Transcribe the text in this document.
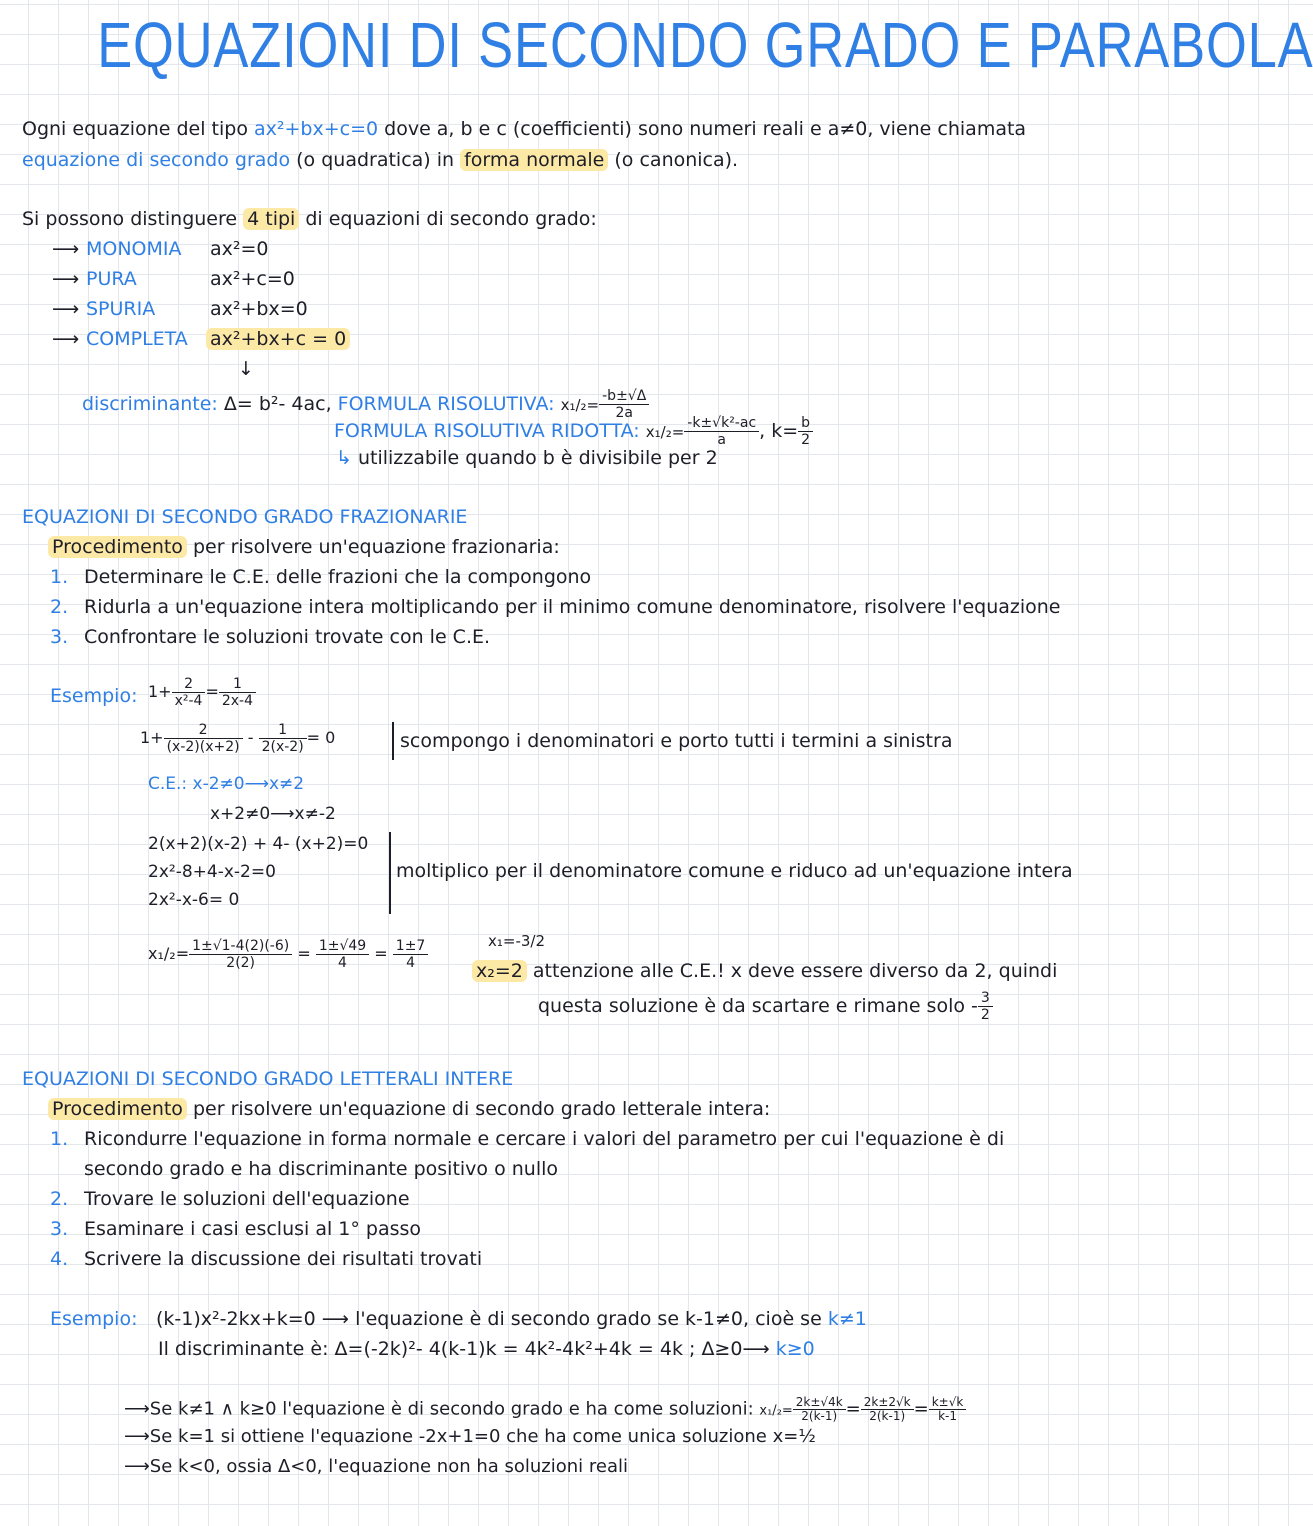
EQUAZIONI DI SECONDO GRADO E PARABOLA
Ogni equazione del tipo ax²+bx+c=0 dove a, b e c (coefficienti) sono numeri reali e a≠0, viene chiamata
equazione di secondo grado (o quadratica) in forma normale (o canonica).
Si possono distinguere 4 tipi di equazioni di secondo grado:
⟶ MONOMIA ax²=0
⟶ PURA	ax²+c=0
⟶ SPURIA	ax²+bx=0
⟶ COMPLETA ax²+bx+c = 0
↓
discriminante: Δ= b²- 4ac, FORMULA RISOLUTIVA: $x_1/_2= \frac{-b\pm√\Delta}{2a}$
FORMULA RISOLUTIVA RIDOTTA: $x_1/_2= \frac{\text{-k±√k²-ac}}{a}$ , $k= \frac{b}{2}$
↳ utilizzabile quando b è divisibile per 2
EQUAZIONI DI SECONDO GRADO FRAZIONARIE
Procedimento per risolvere un'equazione frazionaria:
1. Determinare le C.E. delle frazioni che la compongono
2. Ridurla a un'equazione intera moltiplicando per il minimo comune denominatore, risolvere l'equazione
3. Confrontare le soluzioni trovate con le C.E.
Esempio: $1+ \frac{2}{\text{x²-4}} = \frac{1}{2x-4}$
$1+ \frac{2}{(x-2)(x+2)} - \frac{1}{2(x-2)} = 0$	scompongo i denominatori e porto tutti i termini a sinistra
C.E.: x-2≠0⟶x≠2
x+2≠0⟶x≠-2
2(x+2)(x-2) + 4- (x+2)=0
2x²-8+4-x-2=0
2x²-x-6= 0
moltiplico per il denominatore comune e riduco ad un'equazione intera
$x_1/_2= \frac{1\pm√1-4(2)(-6)}{2(2)} = \frac{1\pm√49}{4} = \frac{1\pm 7}{4}$	x₁=-3/2
x₂=2 attenzione alle C.E.! x deve essere diverso da 2, quindi
questa soluzione è da scartare e rimane solo - $\frac{3}{2}$
EQUAZIONI DI SECONDO GRADO LETTERALI INTERE
Procedimento per risolvere un'equazione di secondo grado letterale intera:
1. Ricondurre l'equazione in forma normale e cercare i valori del parametro per cui l'equazione è di
secondo grado e ha discriminante positivo o nullo
2. Trovare le soluzioni dell'equazione
3. Esaminare i casi esclusi al 1° passo
4. Scrivere la discussione dei risultati trovati
Esempio: (k-1)x²-2kx+k=0 ⟶ l'equazione è di secondo grado se k-1≠0, cioè se k≠1
Il discriminante è: Δ=(-2k)²- 4(k-1)k = 4k²-4k²+4k = 4k ; Δ≥0⟶ k≥0
⟶Se k≠1 ∧ k≥0 l'equazione è di secondo grado e ha come soluzioni: $x_1/_2= \frac{2k\pm√4k}{2(k-1)} = \frac{2k\pm 2√k}{2(k-1)} = \frac{k\pm√k}{k-1}$
⟶Se k=1 si ottiene l'equazione -2x+1=0 che ha come unica soluzione x=½
⟶Se k<0, ossia Δ<0, l'equazione non ha soluzioni reali
